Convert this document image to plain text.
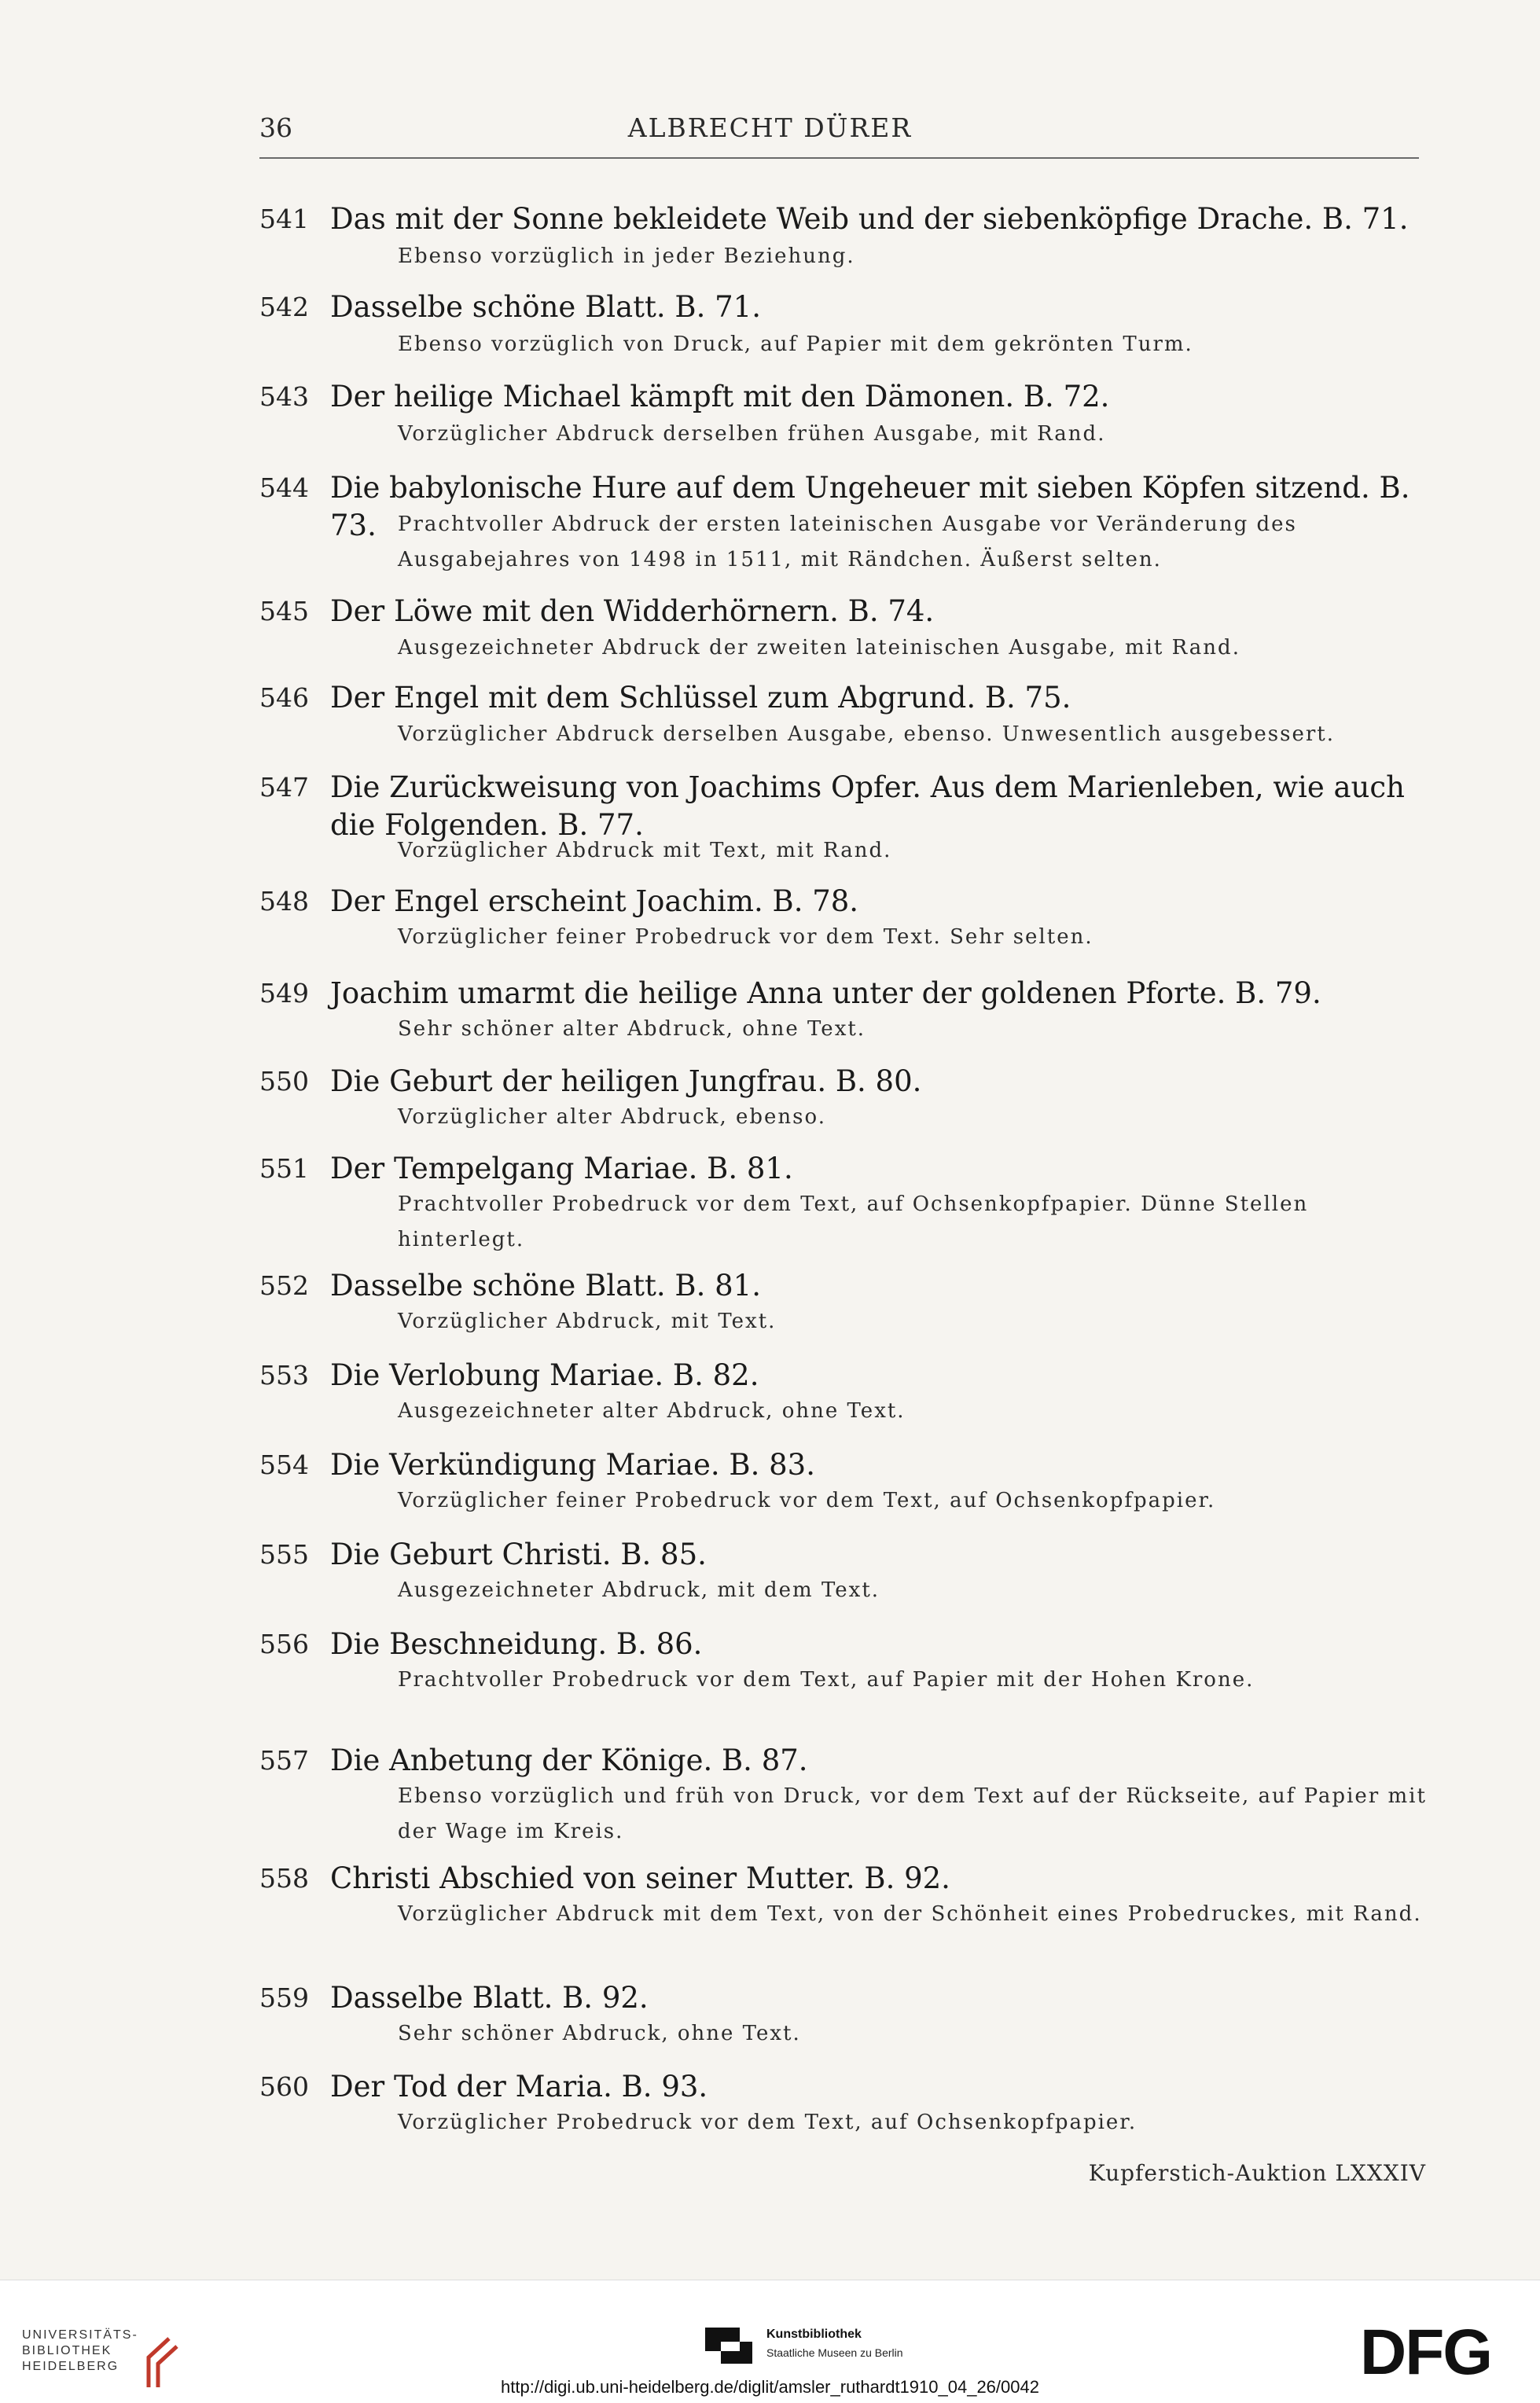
36	ALBRECHT DÜRER
541 Das mit der Sonne bekleidete Weib und der siebenköpfige Drache. B. 71.

Ebenso vorzüglich in jeder Beziehung.

542 Dasselbe schöne Blatt. B. 71.

Ebenso vorzüglich von Druck, auf Papier mit dem gekrönten Turm.

543 Der heilige Michael kämpft mit den Dämonen. B. 72.

Vorzüglicher Abdruck derselben frühen Ausgabe, mit Rand.

544 Die babylonische Hure auf dem Ungeheuer mit sieben Köpfen sitzend. B. 73.	Prachtvoller Abdruck der ersten lateinischen Ausgabe vor Veränderung des Ausgabejahres von 1498 in 1511, mit Rändchen. Äußerst selten.

545 Der Löwe mit den Widderhörnern. B. 74.

Ausgezeichneter Abdruck der zweiten lateinischen Ausgabe, mit Rand.

546 Der Engel mit dem Schlüssel zum Abgrund. B. 75.

Vorzüglicher Abdruck derselben Ausgabe, ebenso. Unwesentlich ausgebessert.

547 Die Zurückweisung von Joachims Opfer. Aus dem Marienleben, wie auch die Folgenden. B. 77.

Vorzüglicher Abdruck mit Text, mit Rand.

548 Der Engel erscheint Joachim. B. 78.

Vorzüglicher feiner Probedruck vor dem Text. Sehr selten.

549 Joachim umarmt die heilige Anna unter der goldenen Pforte. B. 79.

Sehr schöner alter Abdruck, ohne Text.

550 Die Geburt der heiligen Jungfrau. B. 80.

Vorzüglicher alter Abdruck, ebenso.

551 Der Tempelgang Mariae. B. 81.

Prachtvoller Probedruck vor dem Text, auf Ochsenkopfpapier. Dünne Stellen hinterlegt.

552 Dasselbe schöne Blatt. B. 81.

Vorzüglicher Abdruck, mit Text.

553 Die Verlobung Mariae. B. 82.

Ausgezeichneter alter Abdruck, ohne Text.

554 Die Verkündigung Mariae. B. 83.

Vorzüglicher feiner Probedruck vor dem Text, auf Ochsenkopfpapier.

555 Die Geburt Christi. B. 85.

Ausgezeichneter Abdruck, mit dem Text.

556 Die Beschneidung. B. 86.

Prachtvoller Probedruck vor dem Text, auf Papier mit der Hohen Krone.

557 Die Anbetung der Könige. B. 87.

Ebenso vorzüglich und früh von Druck, vor dem Text auf der Rückseite, auf Papier mit der Wage im Kreis.

558 Christi Abschied von seiner Mutter. B. 92.

Vorzüglicher Abdruck mit dem Text, von der Schönheit eines Probedruckes, mit Rand.

559 Dasselbe Blatt. B. 92.

Sehr schöner Abdruck, ohne Text.

560 Der Tod der Maria. B. 93.

Vorzüglicher Probedruck vor dem Text, auf Ochsenkopfpapier.

Kupferstich-Auktion LXXXIV
UNIVERSITÄTS-
BIBLIOTHEK
HEIDELBERG
Kunstbibliothek
Staatliche Museen zu Berlin	DFG
http://digi.ub.uni-heidelberg.de/diglit/amsler_ruthardt1910_04_26/0042
